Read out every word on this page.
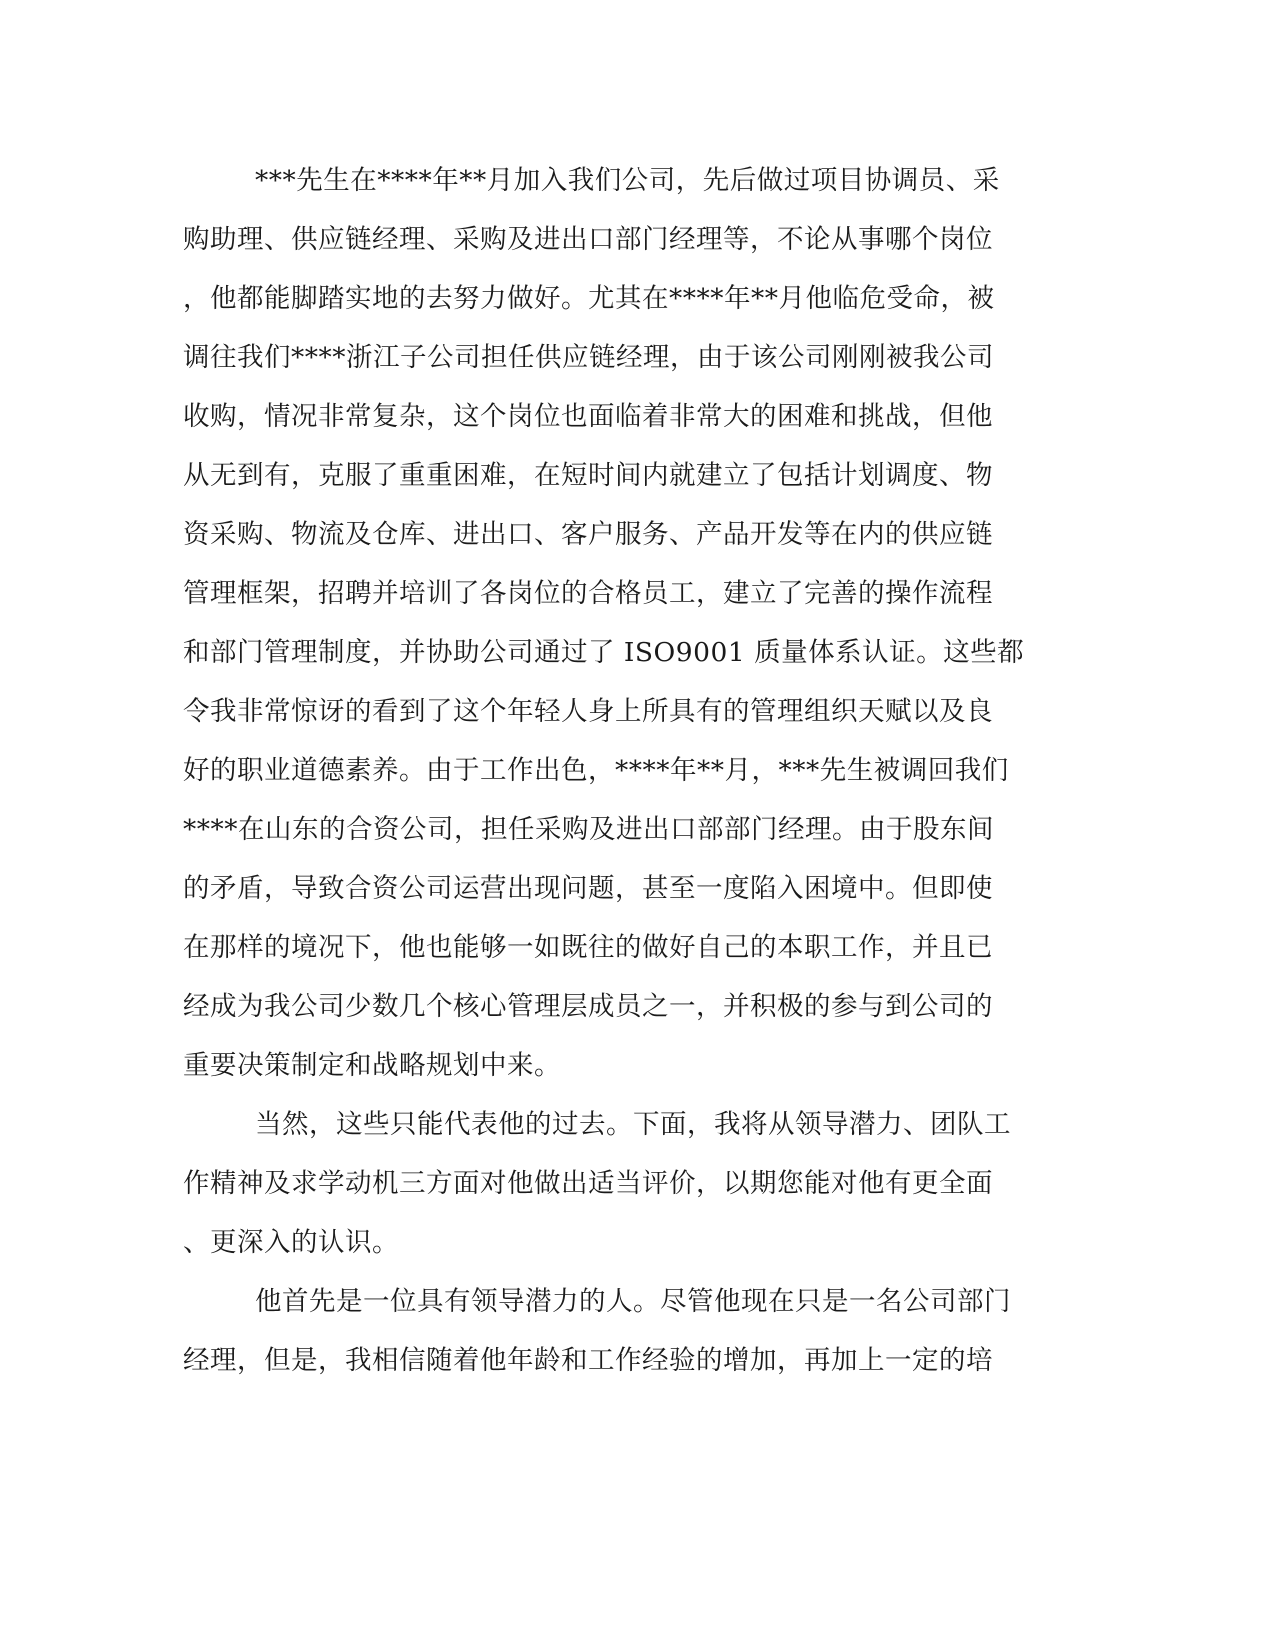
***先生在****年**月加入我们公司，先后做过项目协调员、采

购助理、供应链经理、采购及进出口部门经理等，不论从事哪个岗位

，他都能脚踏实地的去努力做好。尤其在****年**月他临危受命，被

调往我们****浙江子公司担任供应链经理，由于该公司刚刚被我公司

收购，情况非常复杂，这个岗位也面临着非常大的困难和挑战，但他

从无到有，克服了重重困难，在短时间内就建立了包括计划调度、物

资采购、物流及仓库、进出口、客户服务、产品开发等在内的供应链

管理框架，招聘并培训了各岗位的合格员工，建立了完善的操作流程

和部门管理制度，并协助公司通过了 ISO9001 质量体系认证。这些都

令我非常惊讶的看到了这个年轻人身上所具有的管理组织天赋以及良

好的职业道德素养。由于工作出色，****年**月，***先生被调回我们

****在山东的合资公司，担任采购及进出口部部门经理。由于股东间

的矛盾，导致合资公司运营出现问题，甚至一度陷入困境中。但即使

在那样的境况下，他也能够一如既往的做好自己的本职工作，并且已

经成为我公司少数几个核心管理层成员之一，并积极的参与到公司的

重要决策制定和战略规划中来。

当然，这些只能代表他的过去。下面，我将从领导潜力、团队工

作精神及求学动机三方面对他做出适当评价，以期您能对他有更全面

、更深入的认识。

他首先是一位具有领导潜力的人。尽管他现在只是一名公司部门

经理，但是，我相信随着他年龄和工作经验的增加，再加上一定的培
